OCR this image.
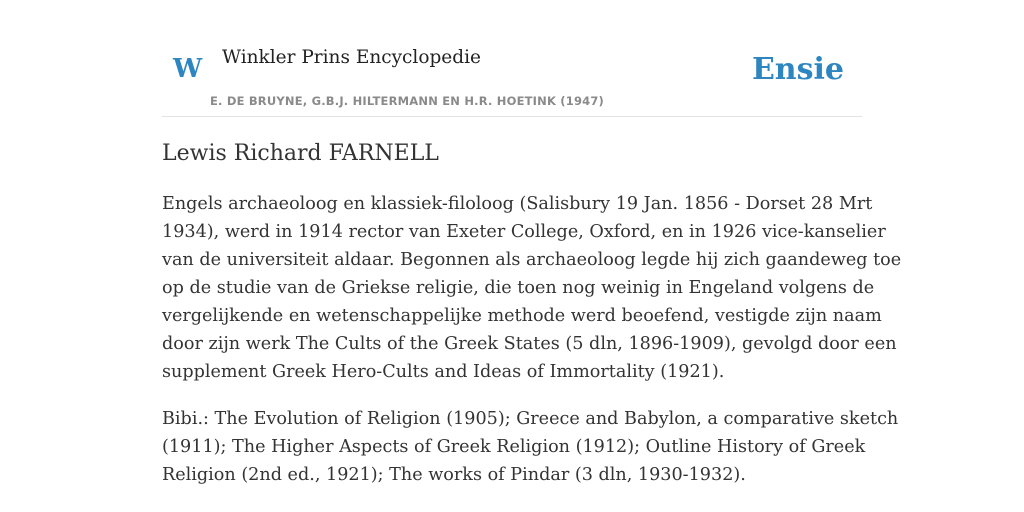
W Winkler Prins Encyclopedie
E. DE BRUYNE, G.B.J. HILTERMANN EN H.R. HOETINK (1947)
Ensie
Lewis Richard FARNELL

Engels archaeoloog en klassiek-filoloog (Salisbury 19 Jan. 1856 - Dorset 28 Mrt
1934), werd in 1914 rector van Exeter College, Oxford, en in 1926 vice-kanselier
van de universiteit aldaar. Begonnen als archaeoloog legde hij zich gaandeweg toe
op de studie van de Griekse religie, die toen nog weinig in Engeland volgens de
vergelijkende en wetenschappelijke methode werd beoefend, vestigde zijn naam
door zijn werk The Cults of the Greek States (5 dln, 1896-1909), gevolgd door een
supplement Greek Hero-Cults and Ideas of Immortality (1921).

Bibi.: The Evolution of Religion (1905); Greece and Babylon, a comparative sketch
(1911); The Higher Aspects of Greek Religion (1912); Outline History of Greek
Religion (2nd ed., 1921); The works of Pindar (3 dln, 1930-1932).
